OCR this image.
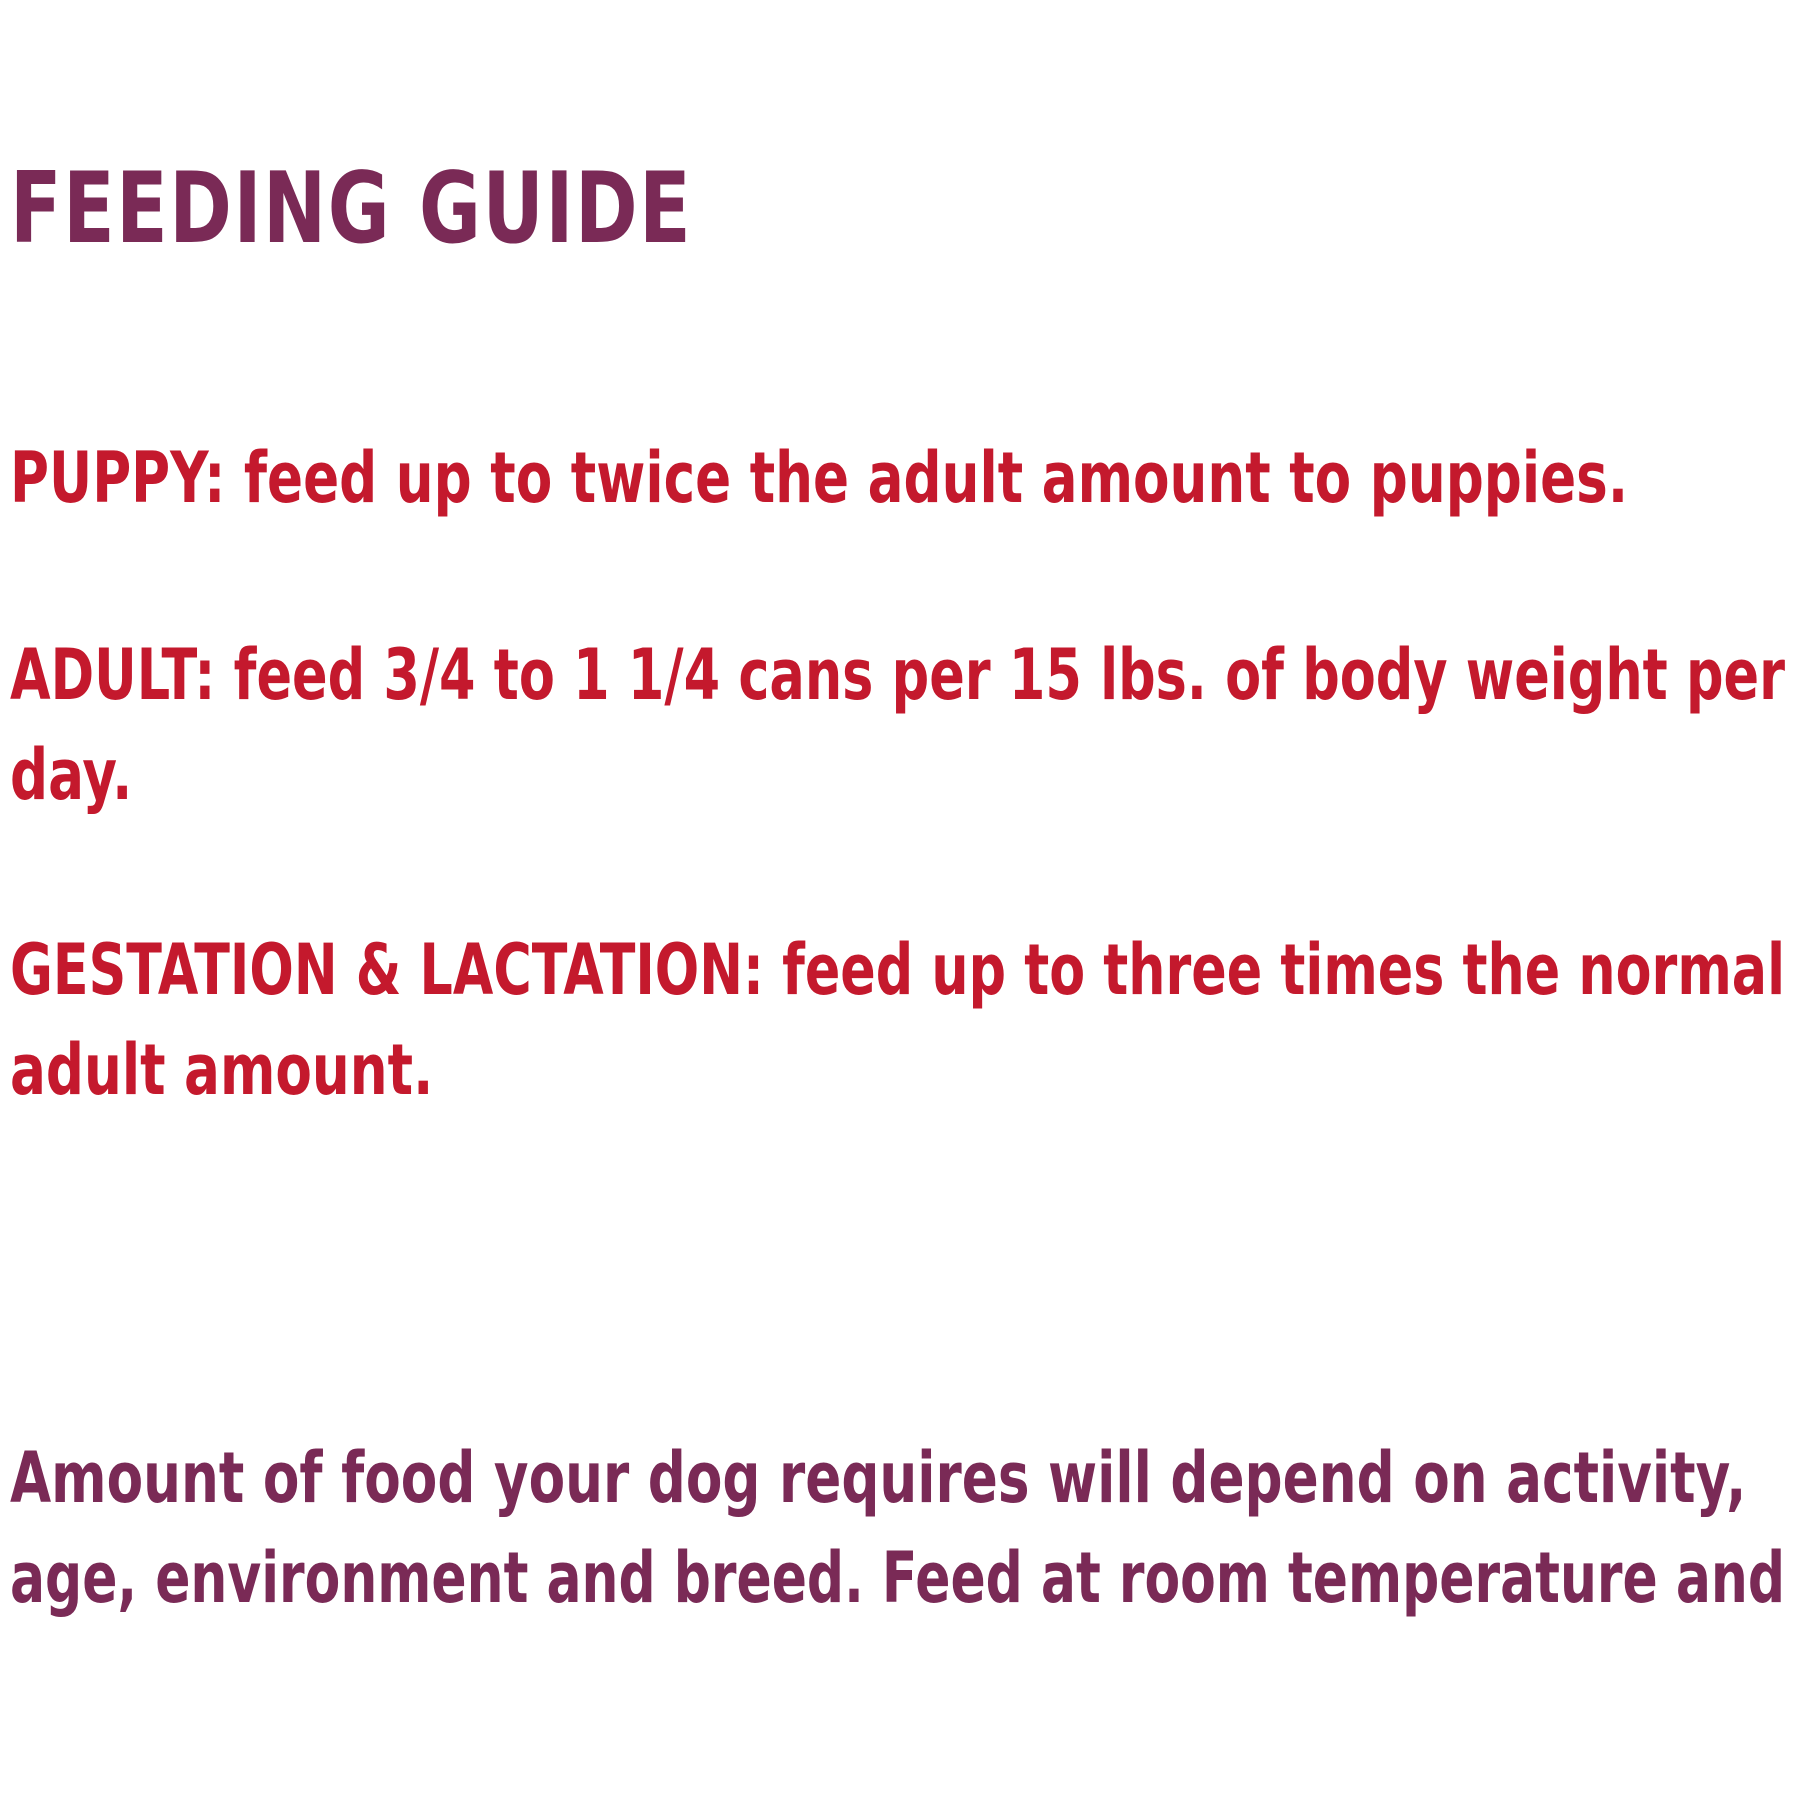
FEEDING GUIDE

PUPPY: feed up to twice the adult amount to puppies.

ADULT: feed 3/4 to 1 1/4 cans per 15 lbs. of body weight per

day.

GESTATION & LACTATION: feed up to three times the normal

adult amount.

Amount of food your dog requires will depend on activity,

age, environment and breed. Feed at room temperature and
